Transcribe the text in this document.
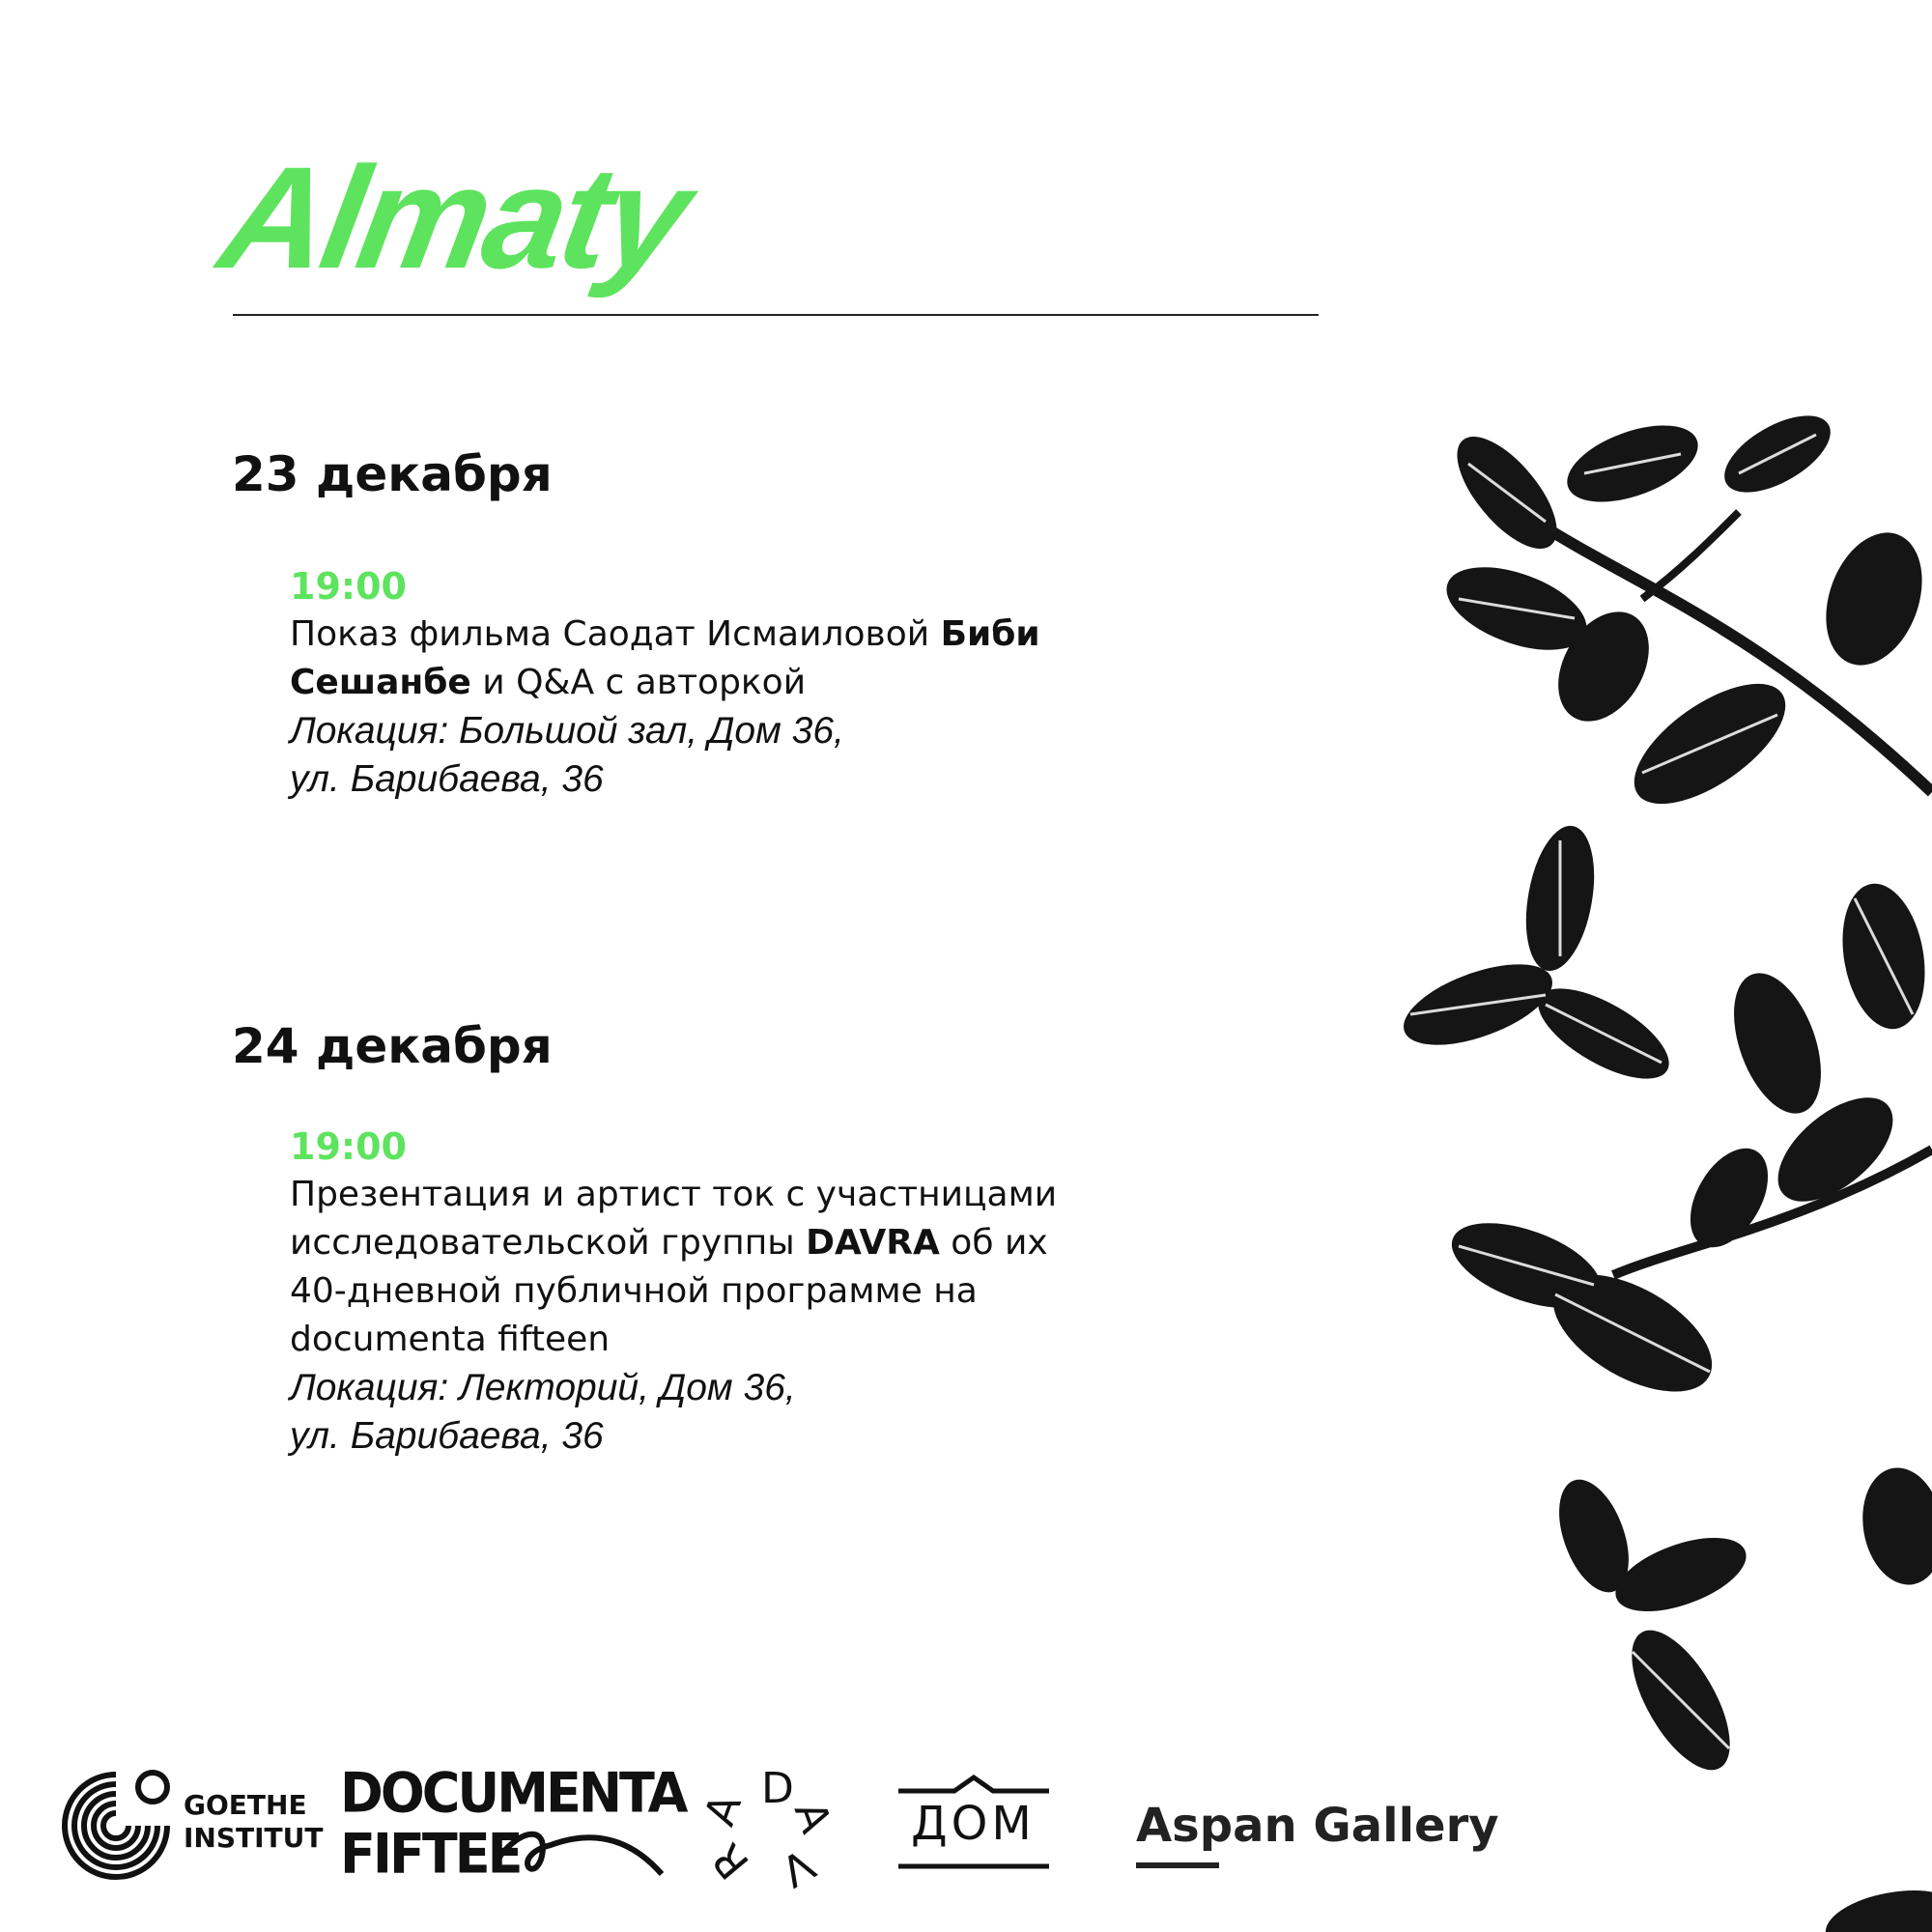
Almaty
23 декабря
19:00
Показ фильма Саодат Исмаиловой Биби Сешанбе и Q&A с авторкой
Локация: Большой зал, Дом 36,
ул. Барибаева, 36
24 декабря
19:00
Презентация и артист ток с участницами исследовательской группы DAVRA об их 40-дневной публичной программе на documenta fifteen
Локация: Лекторий, Дом 36,
ул. Барибаева, 36
GOETHE
INSTITUT
DOCUMENTA
FIFTEE
D
A
V
R
A	ДОМ Aspan Gallery
